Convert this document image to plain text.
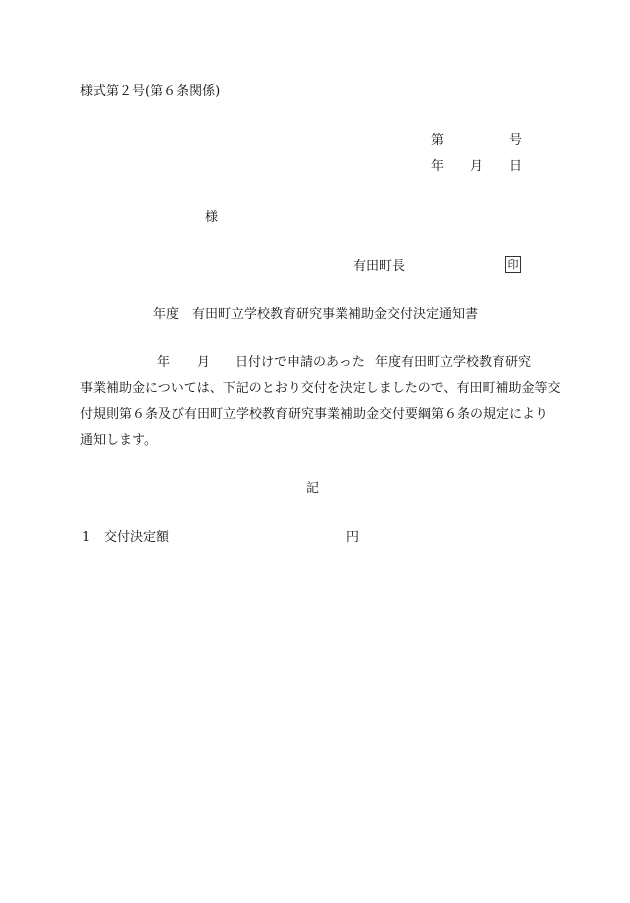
様式第２号(第６条関係)
第	号
年 月 日
様
有田町長	印
年度 有田町立学校教育研究事業補助金交付決定通知書
年 月 日付けで申請のあった 年度有田町立学校教育研究
事業補助金については、下記のとおり交付を決定しましたので、有田町補助金等交
付規則第６条及び有田町立学校教育研究事業補助金交付要綱第６条の規定により
通知します。
記
1 交付決定額	円
